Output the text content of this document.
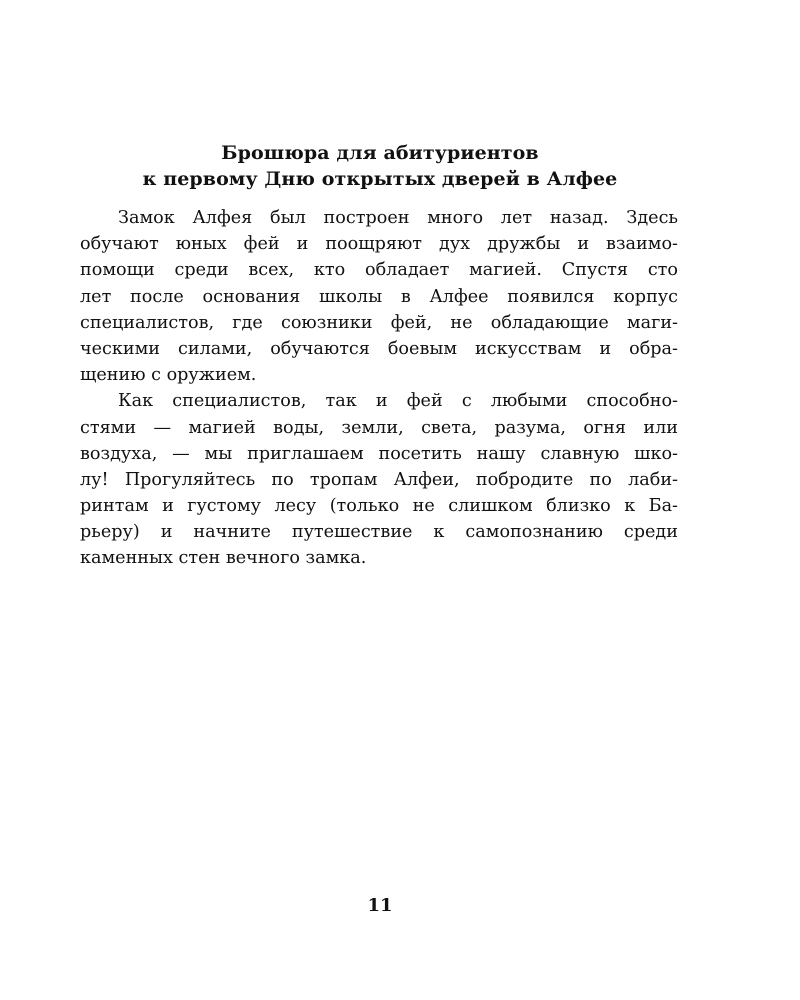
Брошюра для абитуриентов
к первому Дню открытых дверей в Алфее
Замок Алфея был построен много лет назад. Здесь
обучают юных фей и поощряют дух дружбы и взаимо-
помощи среди всех, кто обладает магией. Спустя сто
лет после основания школы в Алфее появился корпус
специалистов, где союзники фей, не обладающие маги-
ческими силами, обучаются боевым искусствам и обра-
щению с оружием.
Как специалистов, так и фей с любыми способно-
стями — магией воды, земли, света, разума, огня или
воздуха, — мы приглашаем посетить нашу славную шко-
лу! Прогуляйтесь по тропам Алфеи, побродите по лаби-
ринтам и густому лесу (только не слишком близко к Ба-
рьеру) и начните путешествие к самопознанию среди
каменных стен вечного замка.
11
